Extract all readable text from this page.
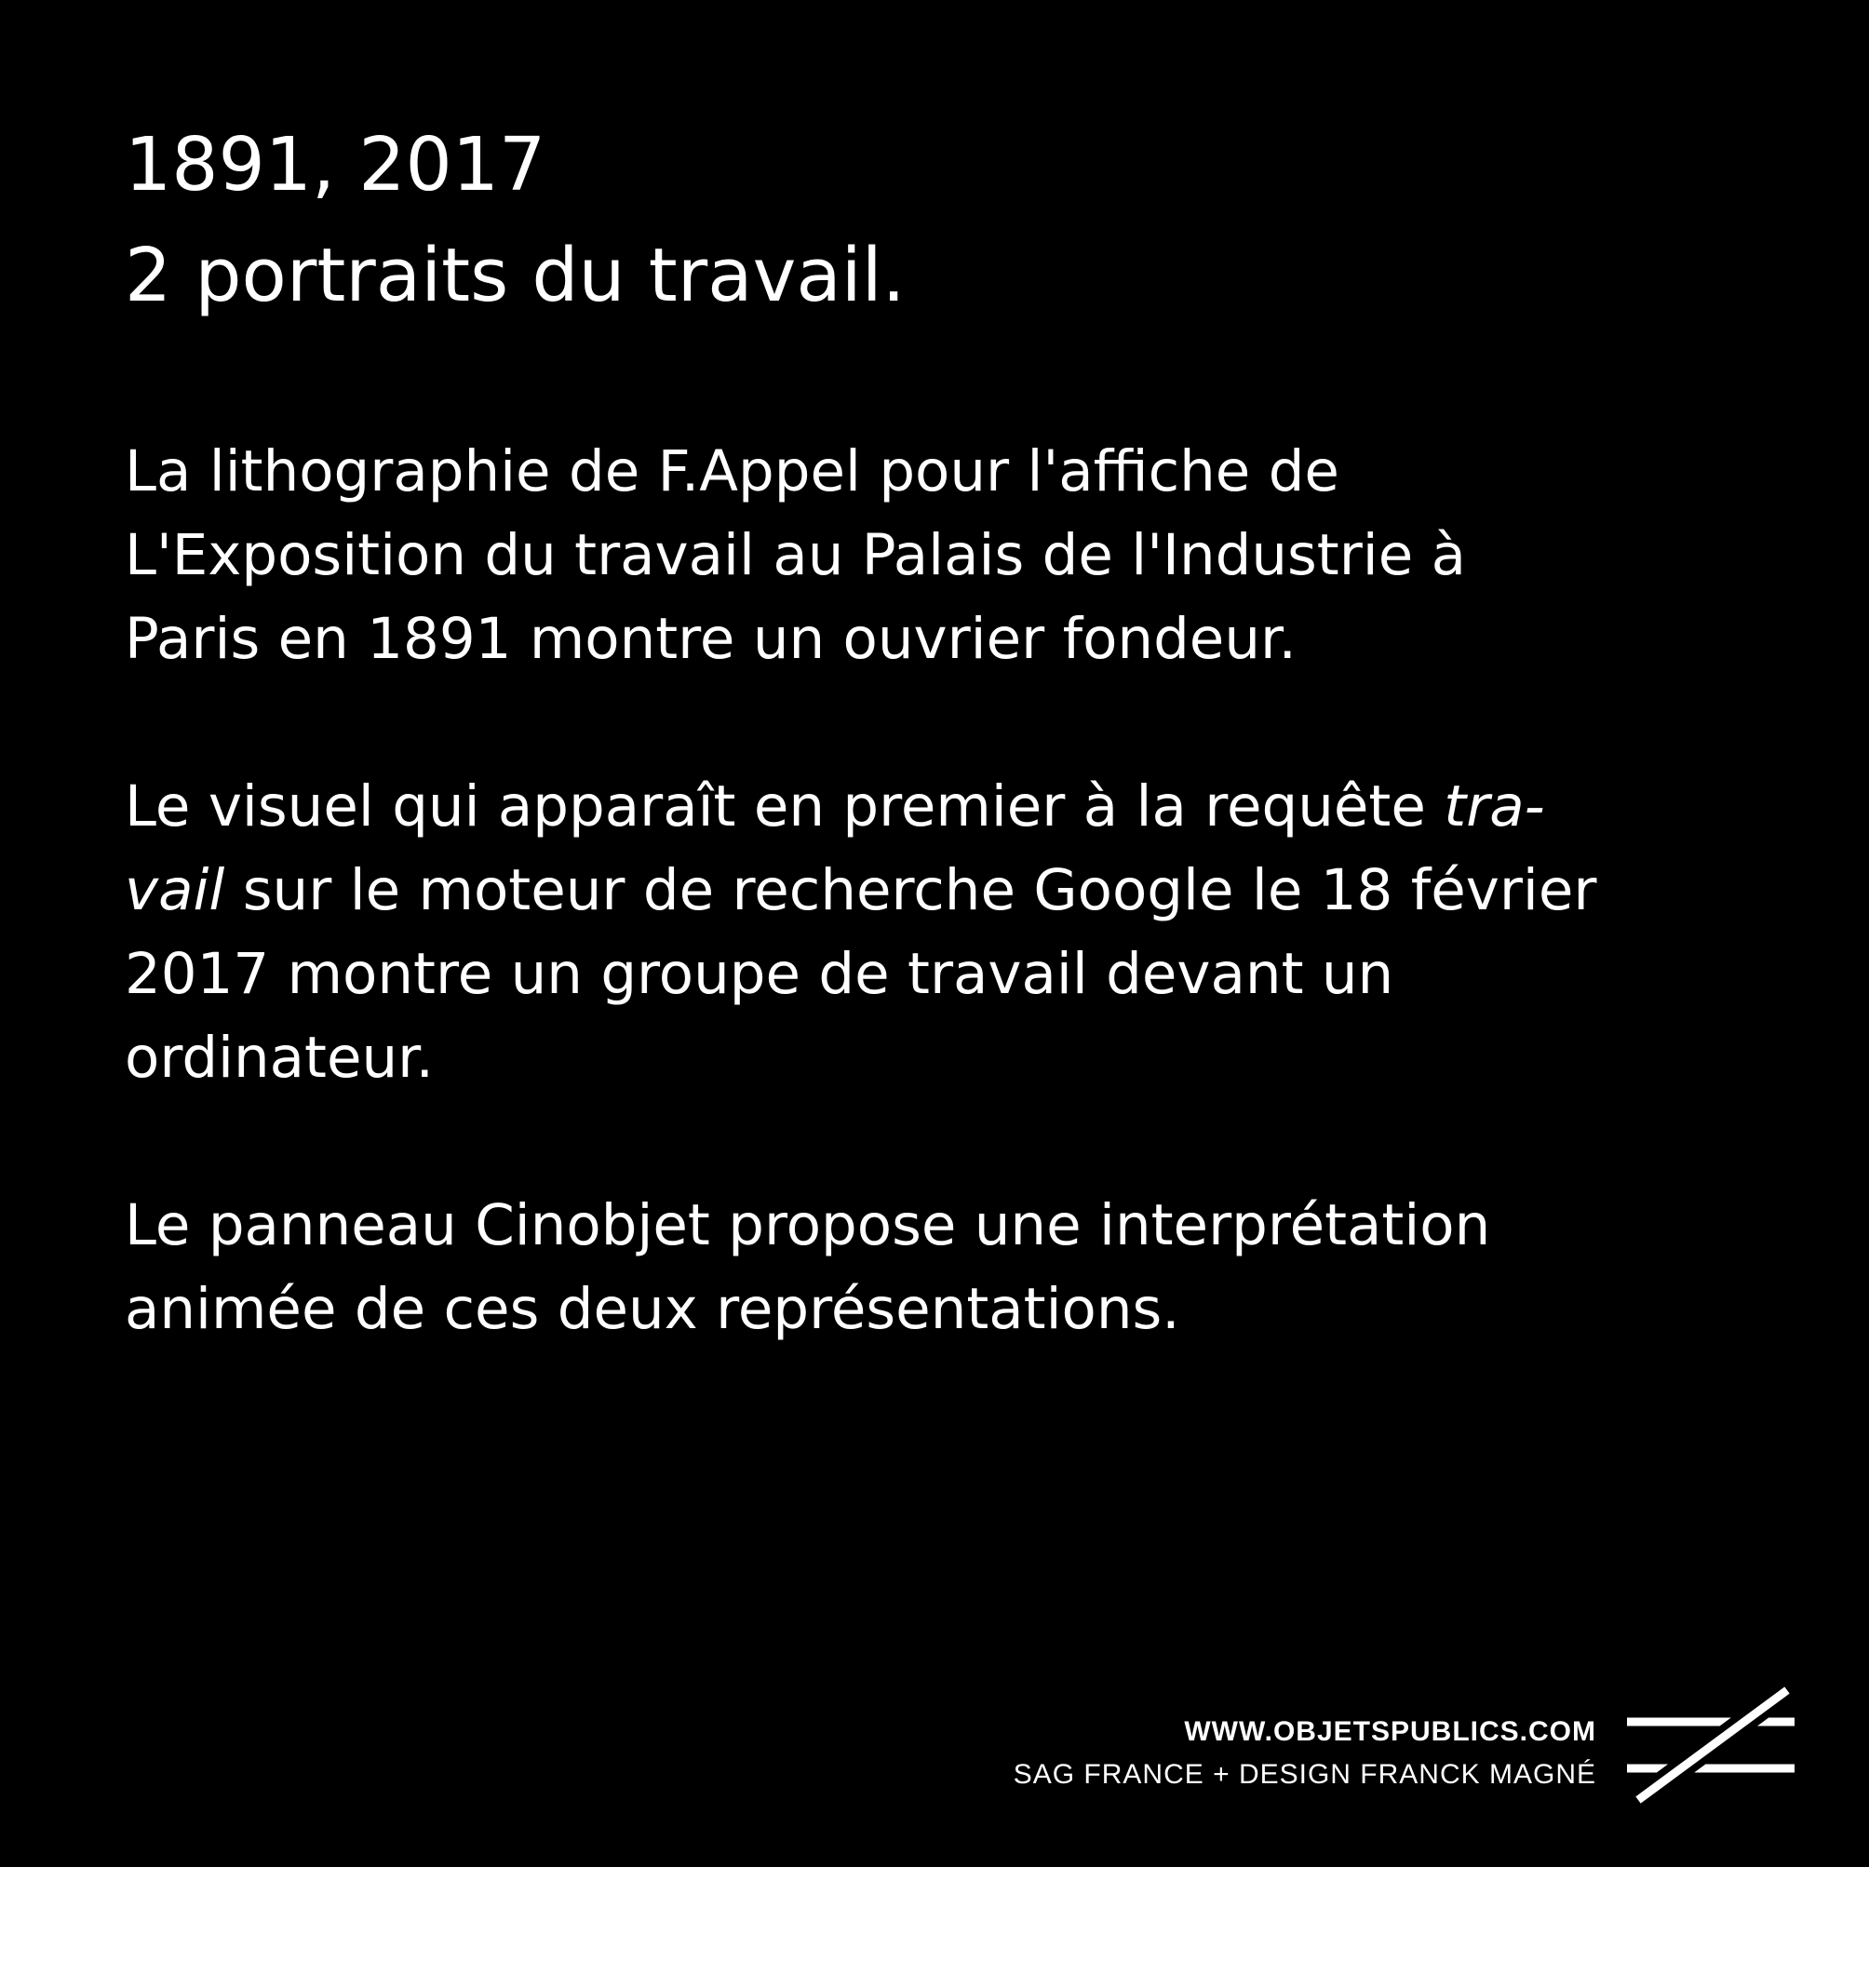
1891, 2017
2 portraits du travail.

La lithographie de F.Appel pour l'affiche de
L'Exposition du travail au Palais de l'Industrie à
Paris en 1891 montre un ouvrier fondeur.

Le visuel qui apparaît en premier à la requête tra-
vail sur le moteur de recherche Google le 18 février
2017 montre un groupe de travail devant un
ordinateur.

Le panneau Cinobjet propose une interprétation
animée de ces deux représentations.

WWW.OBJETSPUBLICS.COM
SAG FRANCE + DESIGN FRANCK MAGNÉ
